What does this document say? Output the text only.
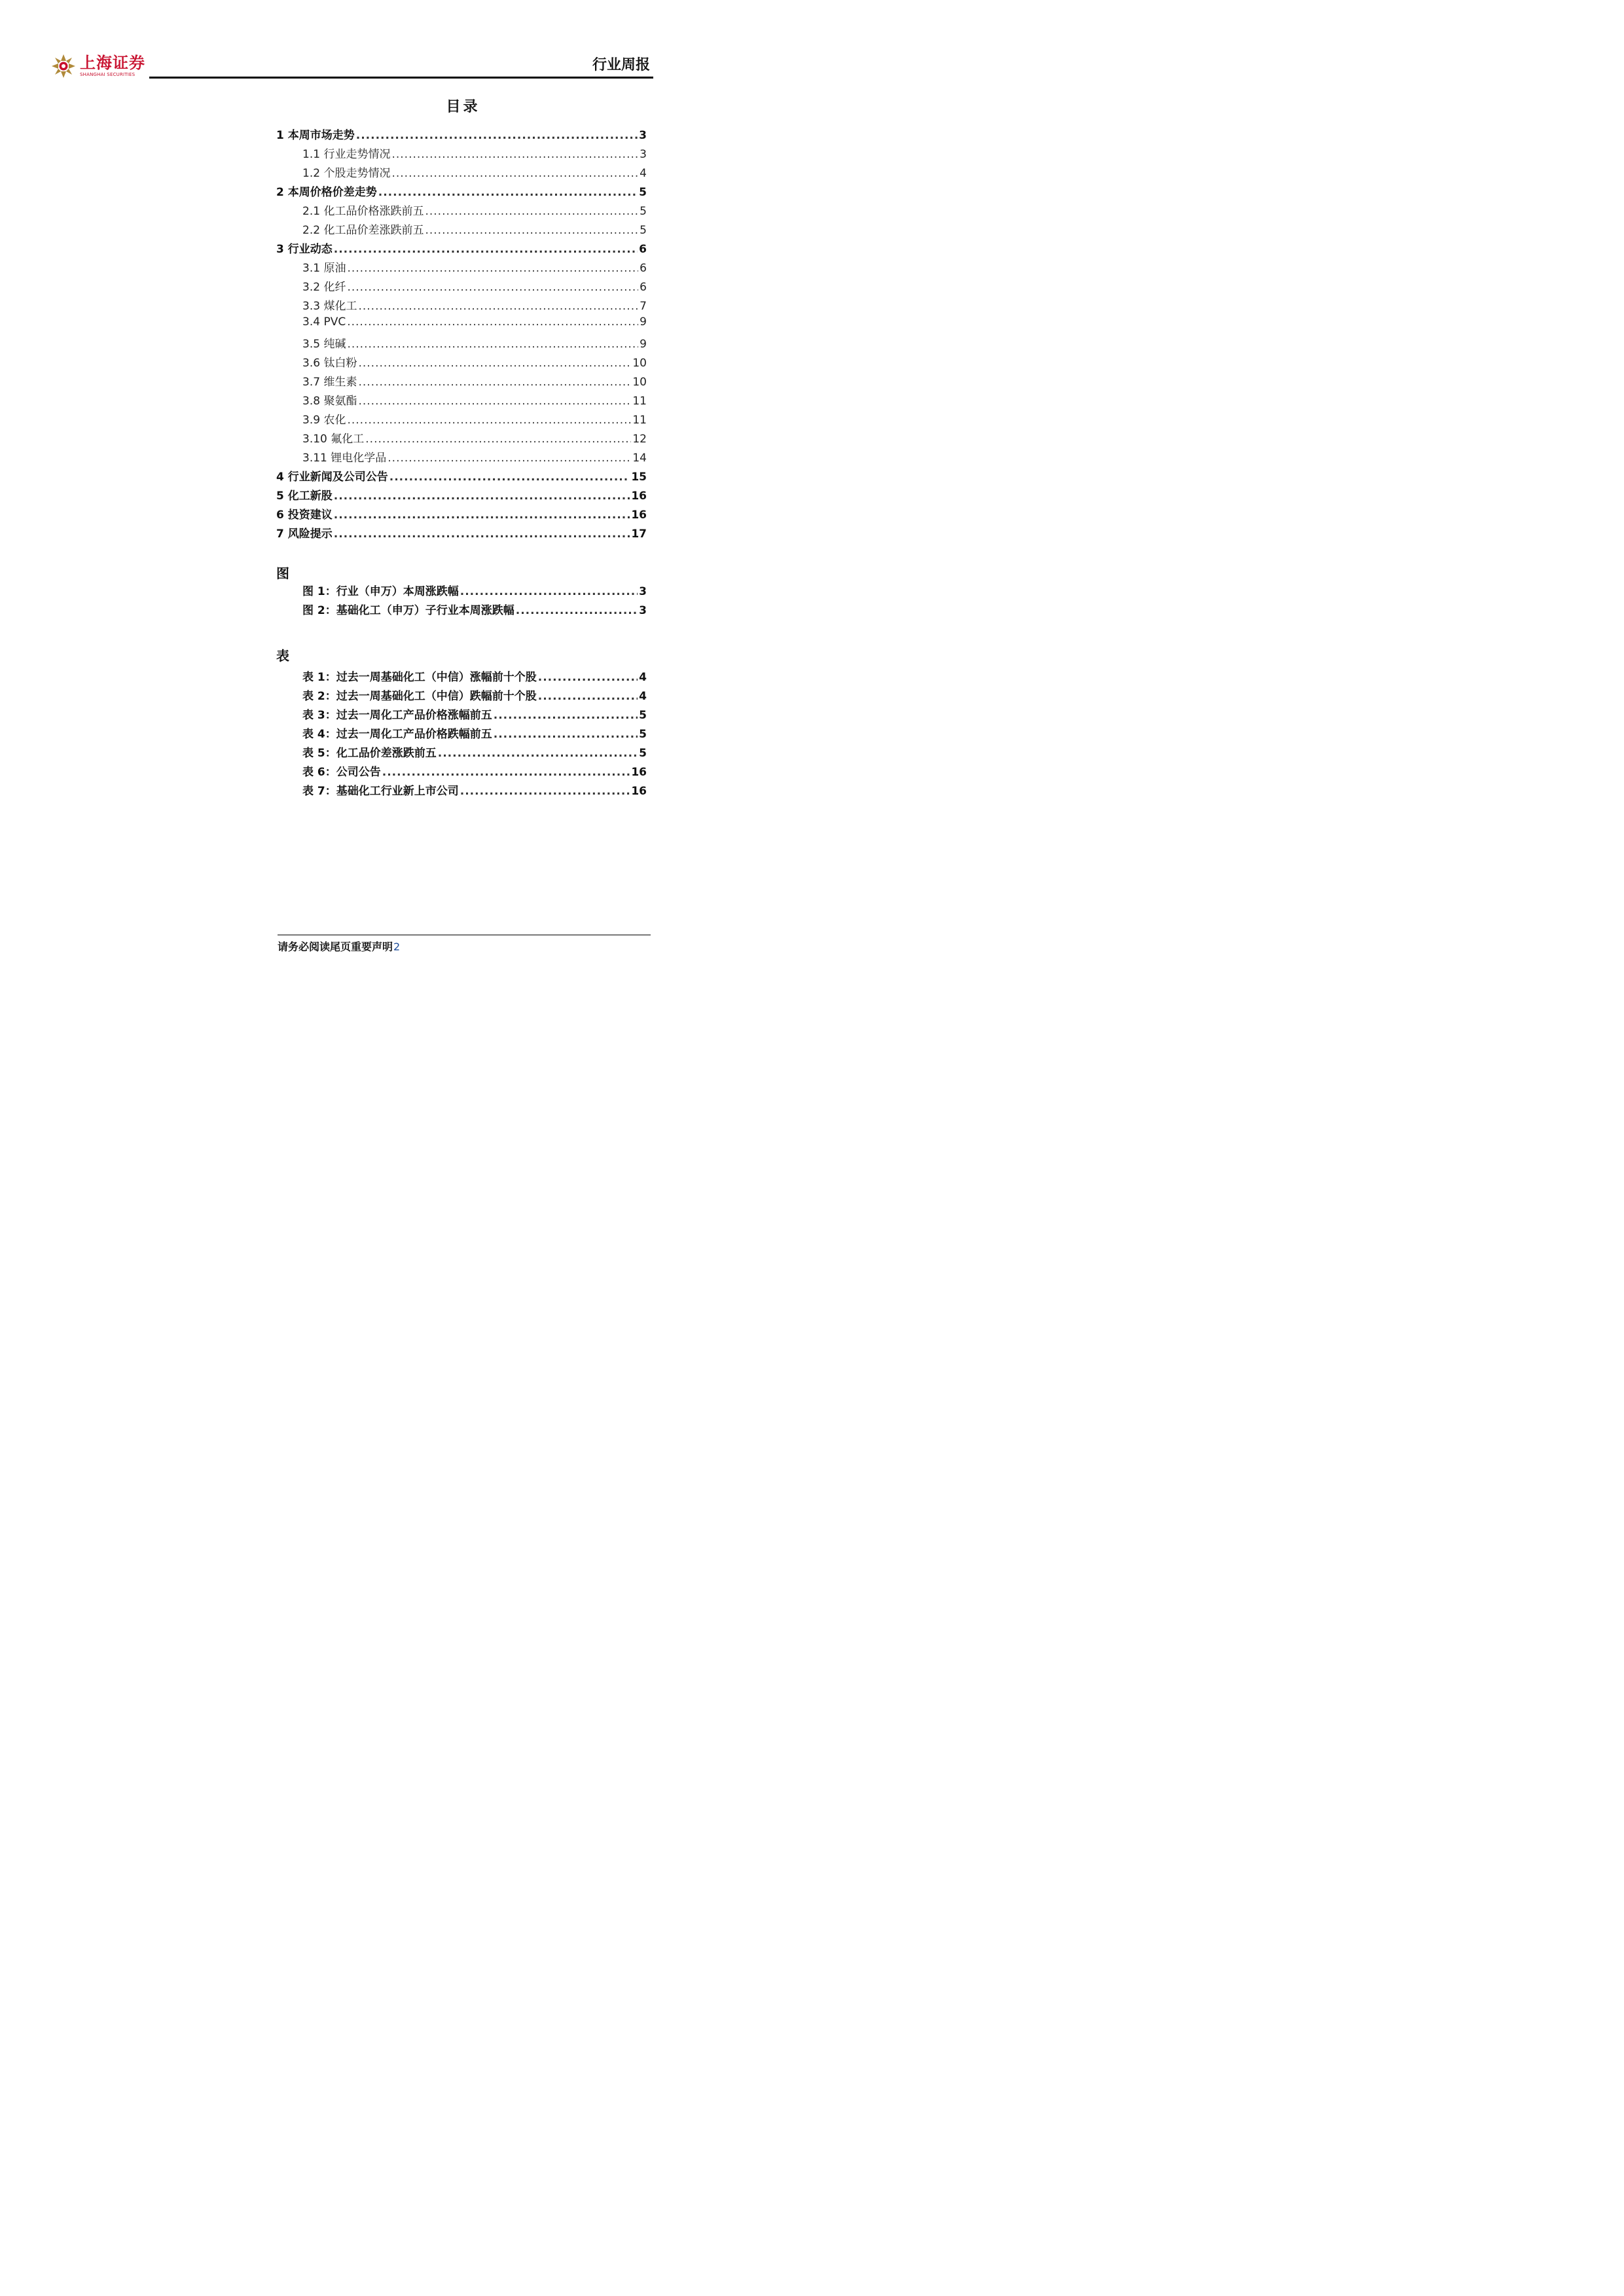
上海证券
SHANGHAI SECURITIES
行业周报
目录
1 本周市场走势 .....	3
1.1 行业走势情况 .....	3
1.2 个股走势情况 .....	4
2 本周价格价差走势 .....	5
2.1 化工品价格涨跌前五 .....	5
2.2 化工品价差涨跌前五 .....	5
3 行业动态 .....	6
3.1 原油 .....	6
3.2 化纤 .....	6
3.3 煤化工 .....	7
3.4 PVC .....	9
3.5 纯碱 .....	9
3.6 钛白粉 .....	10
3.7 维生素 .....	10
3.8 聚氨酯 .....	11
3.9 农化 .....	11
3.10 氟化工 .....	12
3.11 锂电化学品 .....	14
4 行业新闻及公司公告 .....	15
5 化工新股 .....	16
6 投资建议 .....	16
7 风险提示 .....	17
图
图 1：行业（申万）本周涨跌幅 .....	3
图 2：基础化工（申万）子行业本周涨跌幅 .....	3
表
表 1：过去一周基础化工（中信）涨幅前十个股 .....	4
表 2：过去一周基础化工（中信）跌幅前十个股 .....	4
表 3：过去一周化工产品价格涨幅前五 .....	5
表 4：过去一周化工产品价格跌幅前五 .....	5
表 5：化工品价差涨跌前五 .....	5
表 6：公司公告 .....	16
表 7：基础化工行业新上市公司 .....	16
请务必阅读尾页重要声明2
